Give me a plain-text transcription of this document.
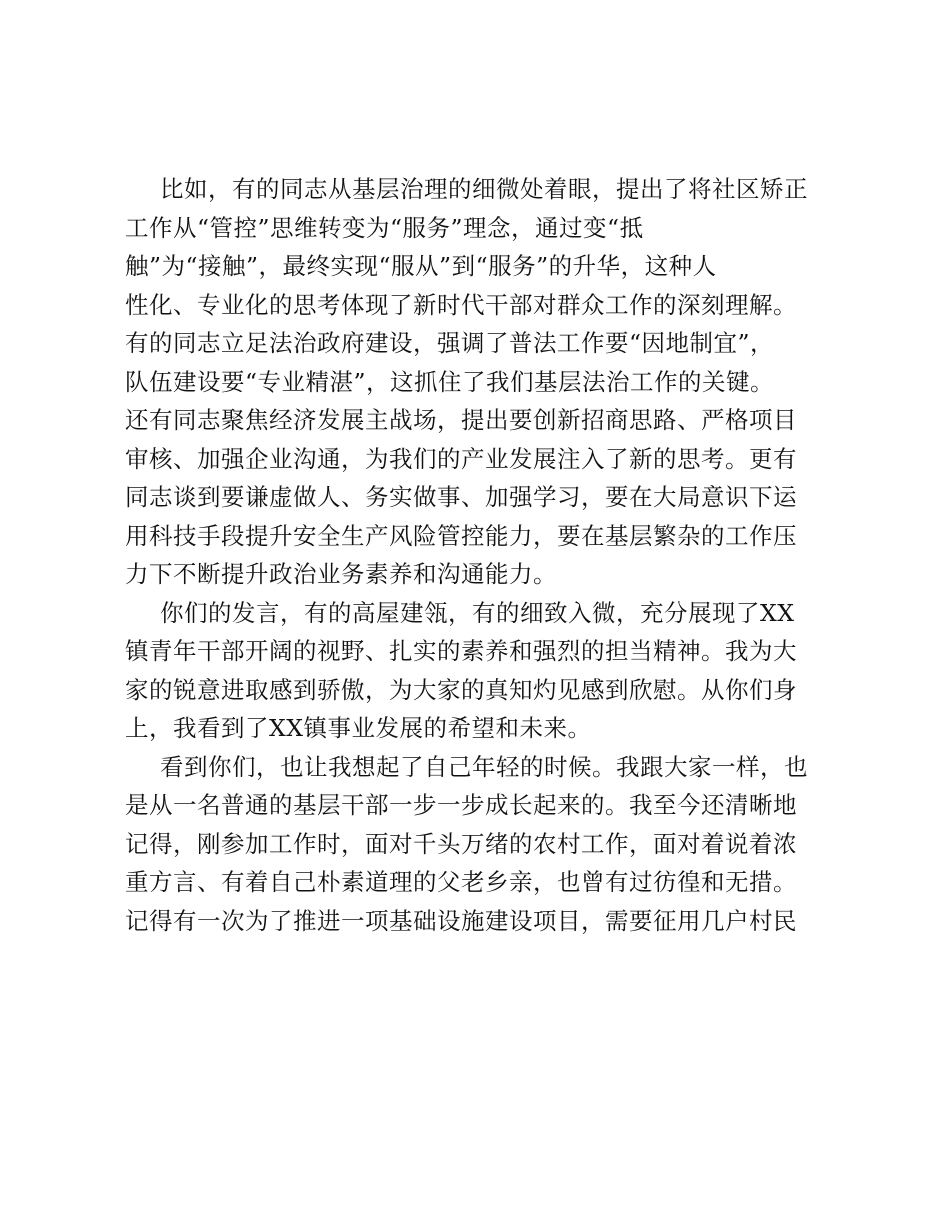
比如，有的同志从基层治理的细微处着眼，提出了将社区矫正
工作从“管控”思维转变为“服务”理念，通过变“抵
触”为“接触”，最终实现“服从”到“服务”的升华，这种人
性化、专业化的思考体现了新时代干部对群众工作的深刻理解。
有的同志立足法治政府建设，强调了普法工作要“因地制宜”，
队伍建设要“专业精湛”，这抓住了我们基层法治工作的关键。
还有同志聚焦经济发展主战场，提出要创新招商思路、严格项目
审核、加强企业沟通，为我们的产业发展注入了新的思考。更有
同志谈到要谦虚做人、务实做事、加强学习，要在大局意识下运
用科技手段提升安全生产风险管控能力，要在基层繁杂的工作压
力下不断提升政治业务素养和沟通能力。
你们的发言，有的高屋建瓴，有的细致入微，充分展现了XX
镇青年干部开阔的视野、扎实的素养和强烈的担当精神。我为大
家的锐意进取感到骄傲，为大家的真知灼见感到欣慰。从你们身
上，我看到了XX镇事业发展的希望和未来。
看到你们，也让我想起了自己年轻的时候。我跟大家一样，也
是从一名普通的基层干部一步一步成长起来的。我至今还清晰地
记得，刚参加工作时，面对千头万绪的农村工作，面对着说着浓
重方言、有着自己朴素道理的父老乡亲，也曾有过彷徨和无措。
记得有一次为了推进一项基础设施建设项目，需要征用几户村民
